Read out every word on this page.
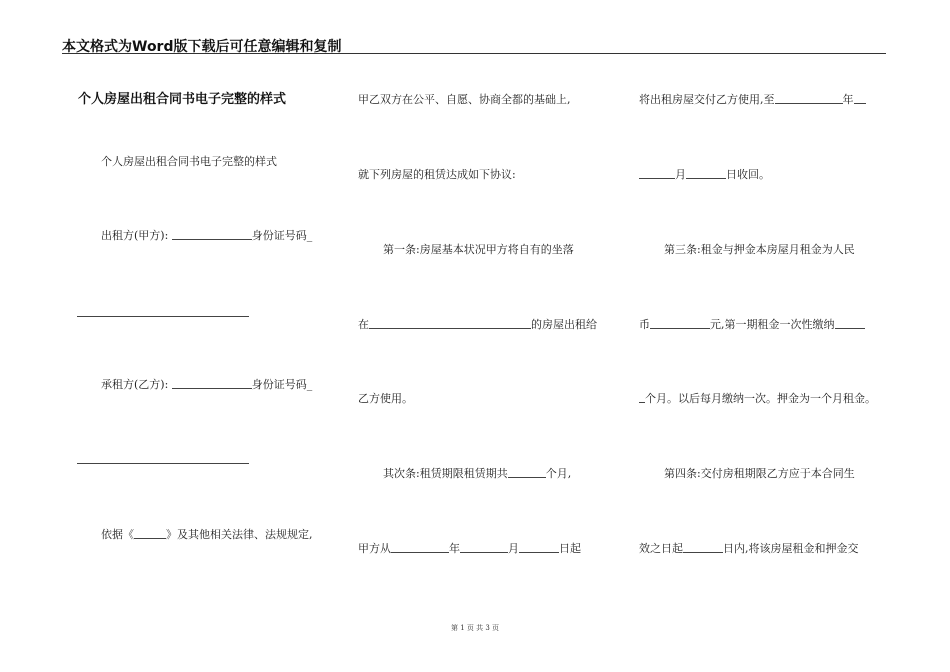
本文格式为Word版下载后可任意编辑和复制
个人房屋出租合同书电子完整的样式
个人房屋出租合同书电子完整的样式
出租方(甲方):	身份证号码_
承租方(乙方):	身份证号码_
依据《	》及其他相关法律、法规规定,
甲乙双方在公平、自愿、协商全都的基础上,
就下列房屋的租赁达成如下协议:
第一条:房屋基本状况甲方将自有的坐落
在	的房屋出租给
乙方使用。
其次条:租赁期限租赁期共	个月,
甲方从	年	月	日起
将出租房屋交付乙方使用,至	年
月	日收回。
第三条:租金与押金本房屋月租金为人民
币	元,第一期租金一次性缴纳
个月。以后每月缴纳一次。押金为一个月租金。
第四条:交付房租期限乙方应于本合同生
效之日起	日内,将该房屋租金和押金交
第 1 页 共 3 页
